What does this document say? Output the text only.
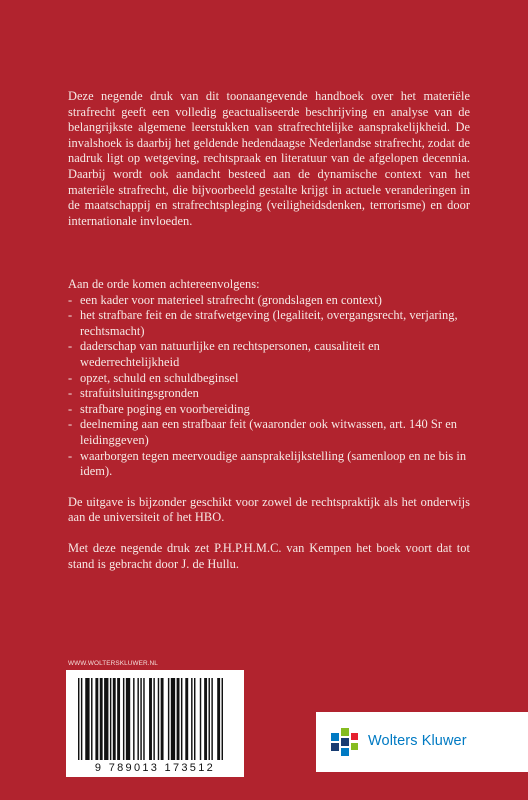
Deze negende druk van dit toonaangevende handboek over het materiële strafrecht geeft een volledig geactualiseerde beschrijving en analyse van de belangrijkste algemene leerstukken van strafrechtelijke aansprakelijkheid. De invalshoek is daarbij het geldende hedendaagse Nederlandse strafrecht, zodat de nadruk ligt op wetgeving, rechtspraak en literatuur van de afgelopen decennia. Daarbij wordt ook aandacht besteed aan de dynamische context van het materiële strafrecht, die bijvoorbeeld gestalte krijgt in actuele veranderingen in de maatschappij en strafrechtspleging (veiligheidsdenken, terrorisme) en door internationale invloeden.

Aan de orde komen achtereenvolgens:

- een kader voor materieel strafrecht (grondslagen en context)
- het strafbare feit en de strafwetgeving (legaliteit, overgangsrecht, verjaring, rechtsmacht)
- daderschap van natuurlijke en rechtspersonen, causaliteit en wederrechtelijkheid
- opzet, schuld en schuldbeginsel
- strafuitsluitingsgronden
- strafbare poging en voorbereiding
- deelneming aan een strafbaar feit (waaronder ook witwassen, art. 140 Sr en leidinggeven)
- waarborgen tegen meervoudige aansprakelijkstelling (samenloop en ne bis in idem).

De uitgave is bijzonder geschikt voor zowel de rechtspraktijk als het onderwijs aan de universiteit of het HBO.

Met deze negende druk zet P.H.P.H.M.C. van Kempen het boek voort dat tot stand is gebracht door J. de Hullu.

WWW.WOLTERSKLUWER.NL
9 789013 173512
Wolters Kluwer
